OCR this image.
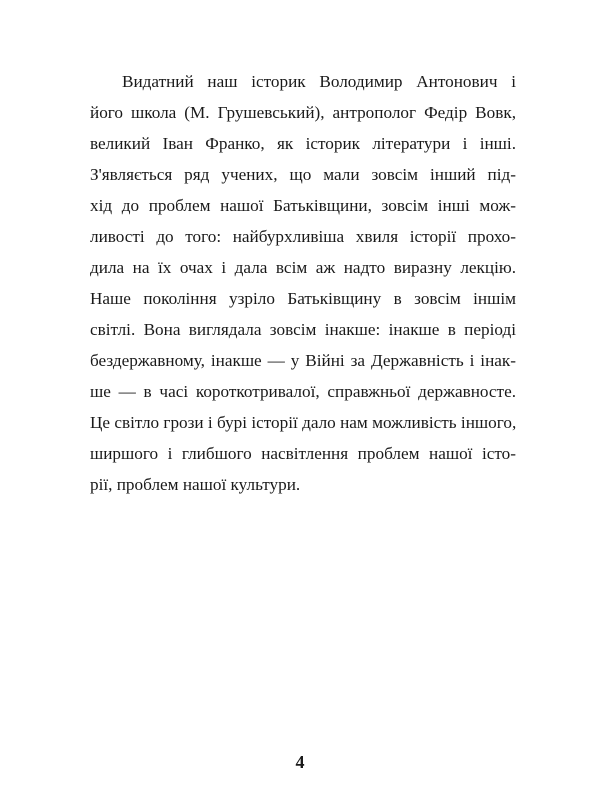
Видатний наш історик Володимир Антонович і
його школа (М. Грушевський), антрополог Федір Вовк,
великий Іван Франко, як історик літератури і інші.
З'являється ряд учених, що мали зовсім інший під-
хід до проблем нашої Батьківщини, зовсім інші мож-
ливості до того: найбурхливіша хвиля історії прохо-
дила на їх очах і дала всім аж надто виразну лекцію.
Наше покоління узріло Батьківщину в зовсім іншім
світлі. Вона виглядала зовсім інакше: інакше в періоді
бездержавному, інакше — у Війні за Державність і інак-
ше — в часі короткотривалої, справжньої державносте.
Це світло грози і бурі історії дало нам можливість іншого,
ширшого і глибшого насвітлення проблем нашої істо-
рії, проблем нашої культури.
4
